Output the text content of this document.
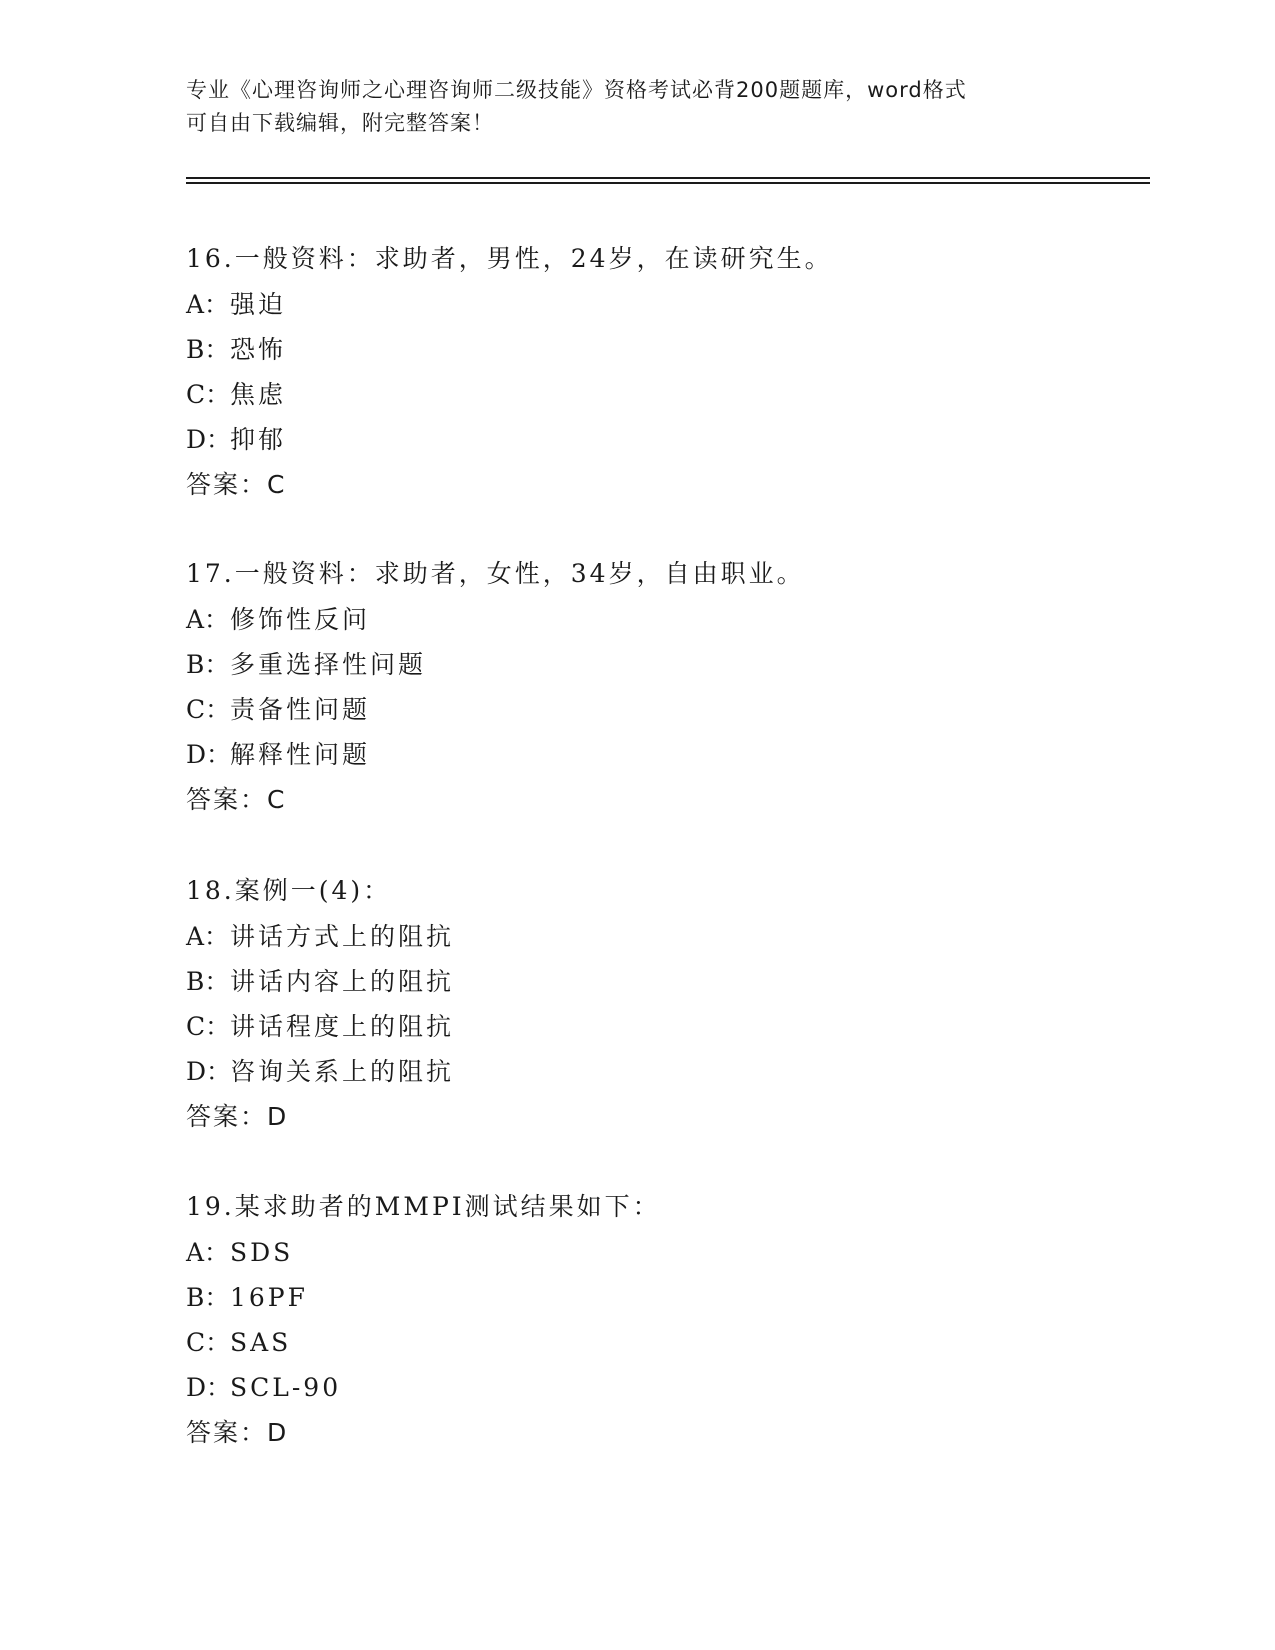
专业《心理咨询师之心理咨询师二级技能》资格考试必背200题题库，word格式
可自由下载编辑，附完整答案！
16.一般资料：求助者，男性，24岁，在读研究生。
A：强迫
B：恐怖
C：焦虑
D：抑郁
答案：C
17.一般资料：求助者，女性，34岁，自由职业。
A：修饰性反问
B：多重选择性问题
C：责备性问题
D：解释性问题
答案：C
18.案例一(4)：
A：讲话方式上的阻抗
B：讲话内容上的阻抗
C：讲话程度上的阻抗
D：咨询关系上的阻抗
答案：D
19.某求助者的MMPI测试结果如下：
A：SDS
B：16PF
C：SAS
D：SCL-90
答案：D
